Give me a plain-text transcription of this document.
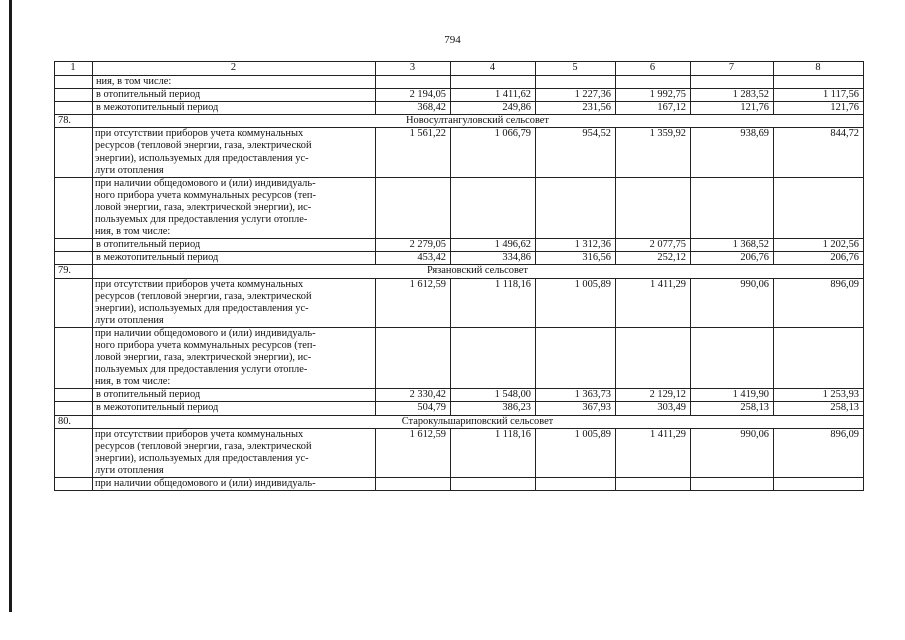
794
1	2	3	4	5	6	7	8
	ния, в том числе:						
	в отопительный период	2 194,05	1 411,62	1 227,36	1 992,75	1 283,52	1 117,56
	в межотопительный период	368,42	249,86	231,56	167,12	121,76	121,76
78.	Новосултангуловский сельсовет						
	при отсутствии приборов учета коммунальных
ресурсов (тепловой энергии, газа, электрической
энергии), используемых для предоставления ус-
луги отопления	1 561,22	1 066,79	954,52	1 359,92	938,69	844,72
	при наличии общедомового и (или) индивидуаль-
ного прибора учета коммунальных ресурсов (теп-
ловой энергии, газа, электрической энергии), ис-
пользуемых для предоставления услуги отопле-
ния, в том числе:						
	в отопительный период	2 279,05	1 496,62	1 312,36	2 077,75	1 368,52	1 202,56
	в межотопительный период	453,42	334,86	316,56	252,12	206,76	206,76
79.	Рязановский сельсовет						
	при отсутствии приборов учета коммунальных
ресурсов (тепловой энергии, газа, электрической
энергии), используемых для предоставления ус-
луги отопления	1 612,59	1 118,16	1 005,89	1 411,29	990,06	896,09
	при наличии общедомового и (или) индивидуаль-
ного прибора учета коммунальных ресурсов (теп-
ловой энергии, газа, электрической энергии), ис-
пользуемых для предоставления услуги отопле-
ния, в том числе:						
	в отопительный период	2 330,42	1 548,00	1 363,73	2 129,12	1 419,90	1 253,93
	в межотопительный период	504,79	386,23	367,93	303,49	258,13	258,13
80.	Старокульшариповский сельсовет						
	при отсутствии приборов учета коммунальных
ресурсов (тепловой энергии, газа, электрической
энергии), используемых для предоставления ус-
луги отопления	1 612,59	1 118,16	1 005,89	1 411,29	990,06	896,09
	при наличии общедомового и (или) индивидуаль-						
